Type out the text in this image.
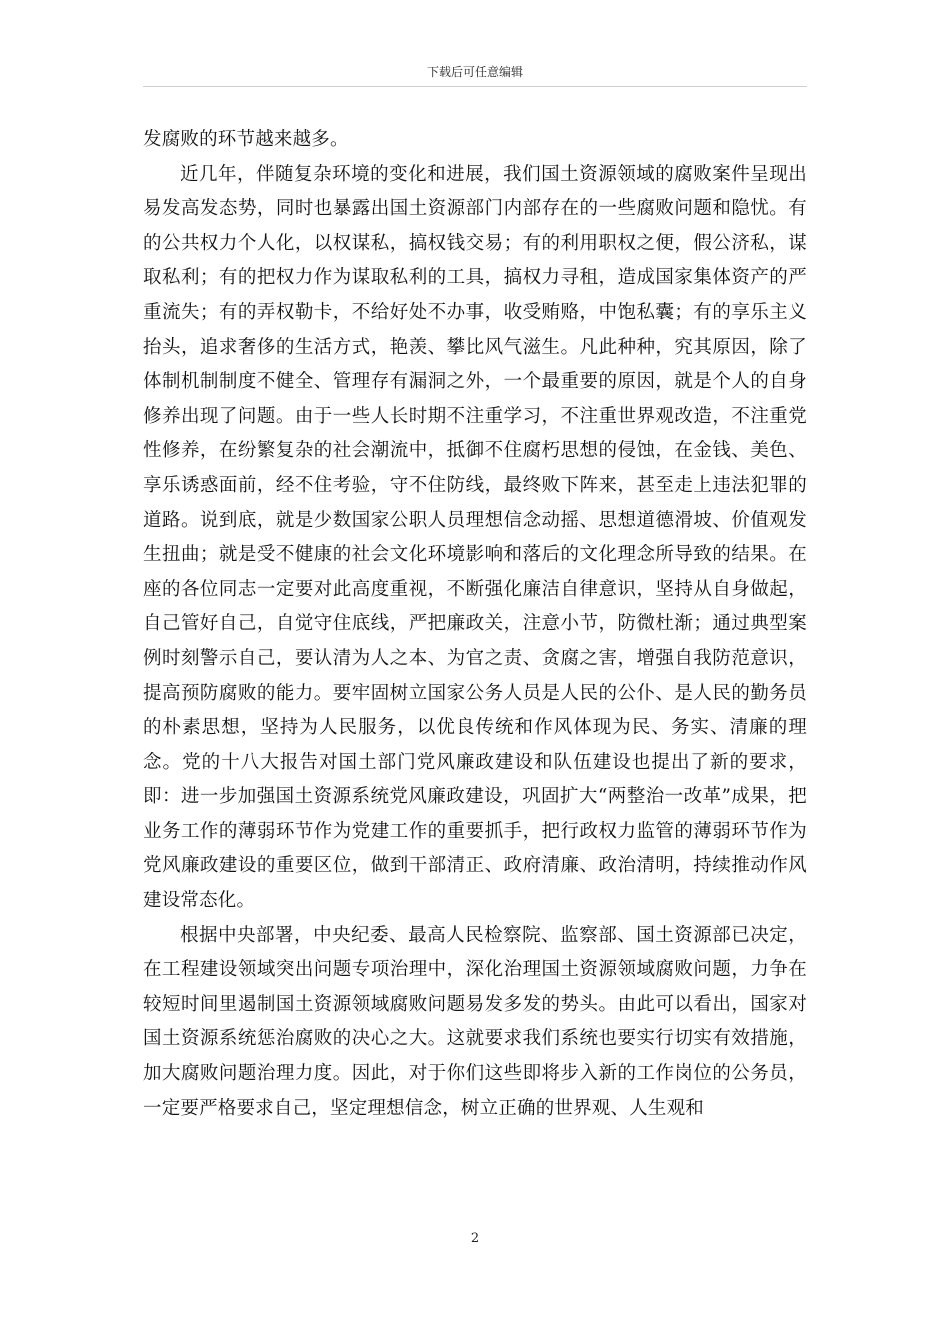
下载后可任意编辑

发腐败的环节越来越多。

近几年，伴随复杂环境的变化和进展，我们国土资源领域的腐败案件呈现出易发高发态势，同时也暴露出国土资源部门内部存在的一些腐败问题和隐忧。有的公共权力个人化，以权谋私，搞权钱交易；有的利用职权之便，假公济私，谋取私利；有的把权力作为谋取私利的工具，搞权力寻租，造成国家集体资产的严重流失；有的弄权勒卡，不给好处不办事，收受贿赂，中饱私囊；有的享乐主义抬头，追求奢侈的生活方式，艳羡、攀比风气滋生。凡此种种，究其原因，除了体制机制制度不健全、管理存有漏洞之外，一个最重要的原因，就是个人的自身修养出现了问题。由于一些人长时期不注重学习，不注重世界观改造，不注重党性修养，在纷繁复杂的社会潮流中，抵御不住腐朽思想的侵蚀，在金钱、美色、享乐诱惑面前，经不住考验，守不住防线，最终败下阵来，甚至走上违法犯罪的道路。说到底，就是少数国家公职人员理想信念动摇、思想道德滑坡、价值观发生扭曲；就是受不健康的社会文化环境影响和落后的文化理念所导致的结果。在座的各位同志一定要对此高度重视，不断强化廉洁自律意识，坚持从自身做起，自己管好自己，自觉守住底线，严把廉政关，注意小节，防微杜渐；通过典型案例时刻警示自己，要认清为人之本、为官之责、贪腐之害，增强自我防范意识，提高预防腐败的能力。要牢固树立国家公务人员是人民的公仆、是人民的勤务员的朴素思想，坚持为人民服务，以优良传统和作风体现为民、务实、清廉的理念。党的十八大报告对国土部门党风廉政建设和队伍建设也提出了新的要求，即：进一步加强国土资源系统党风廉政建设，巩固扩大“两整治一改革”成果，把业务工作的薄弱环节作为党建工作的重要抓手，把行政权力监管的薄弱环节作为党风廉政建设的重要区位，做到干部清正、政府清廉、政治清明，持续推动作风建设常态化。

根据中央部署，中央纪委、最高人民检察院、监察部、国土资源部已决定，在工程建设领域突出问题专项治理中，深化治理国土资源领域腐败问题，力争在较短时间里遏制国土资源领域腐败问题易发多发的势头。由此可以看出，国家对国土资源系统惩治腐败的决心之大。这就要求我们系统也要实行切实有效措施，加大腐败问题治理力度。因此，对于你们这些即将步入新的工作岗位的公务员，一定要严格要求自己，坚定理想信念，树立正确的世界观、人生观和

2
